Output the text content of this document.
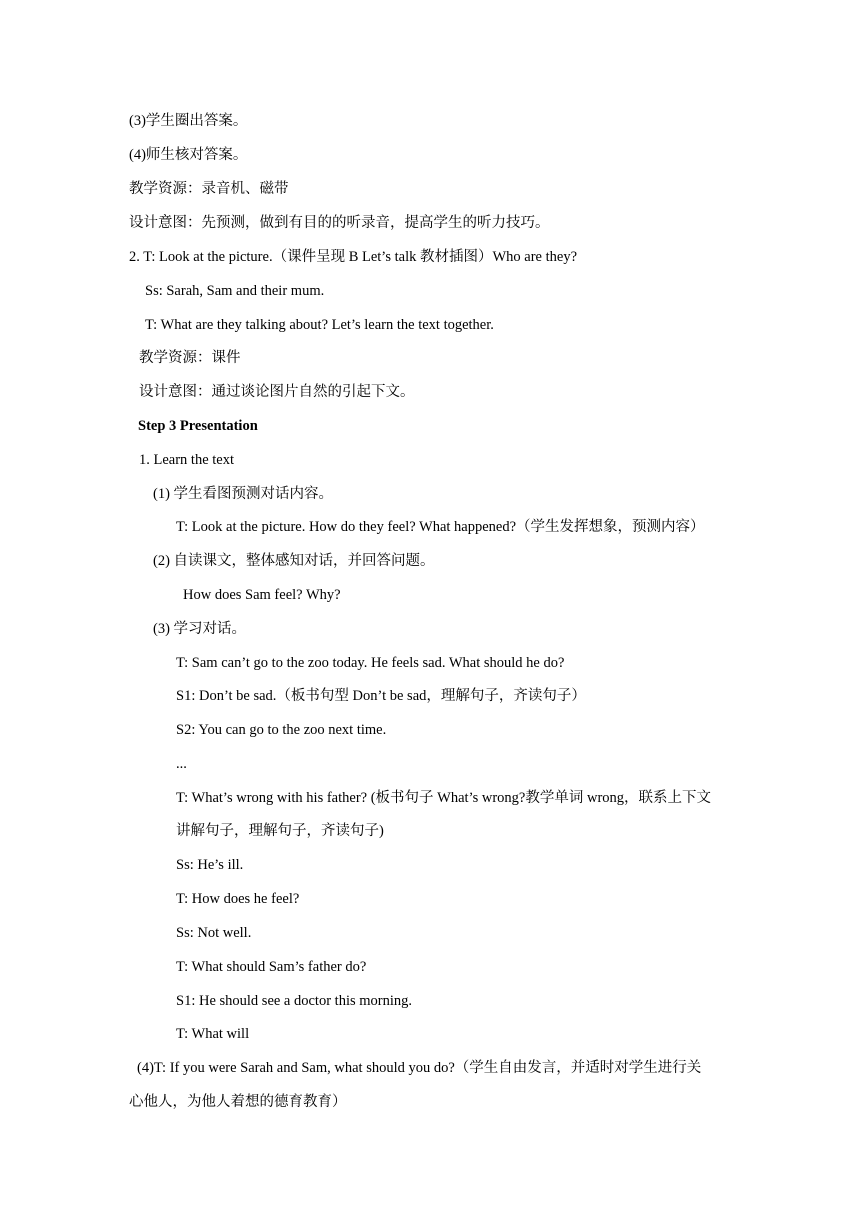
(3)学生圈出答案。
(4)师生核对答案。
教学资源：录音机、磁带
设计意图：先预测，做到有目的的听录音，提高学生的听力技巧。
2. T: Look at the picture.（课件呈现 B Let’s talk 教材插图）Who are they?
Ss: Sarah, Sam and their mum.
T: What are they talking about? Let’s learn the text together.
教学资源：课件
设计意图：通过谈论图片自然的引起下文。
Step 3 Presentation
1. Learn the text
(1) 学生看图预测对话内容。
T: Look at the picture. How do they feel? What happened?（学生发挥想象，预测内容）
(2) 自读课文，整体感知对话，并回答问题。
How does Sam feel? Why?
(3) 学习对话。
T: Sam can’t go to the zoo today. He feels sad. What should he do?
S1: Don’t be sad.（板书句型 Don’t be sad，理解句子，齐读句子）
S2: You can go to the zoo next time.
...
T: What’s wrong with his father? (板书句子 What’s wrong?教学单词 wrong，联系上下文
讲解句子，理解句子，齐读句子)
Ss: He’s ill.
T: How does he feel?
Ss: Not well.
T: What should Sam’s father do?
S1: He should see a doctor this morning.
T: What will
(4)T: If you were Sarah and Sam, what should you do?（学生自由发言，并适时对学生进行关
心他人，为他人着想的德育教育）
